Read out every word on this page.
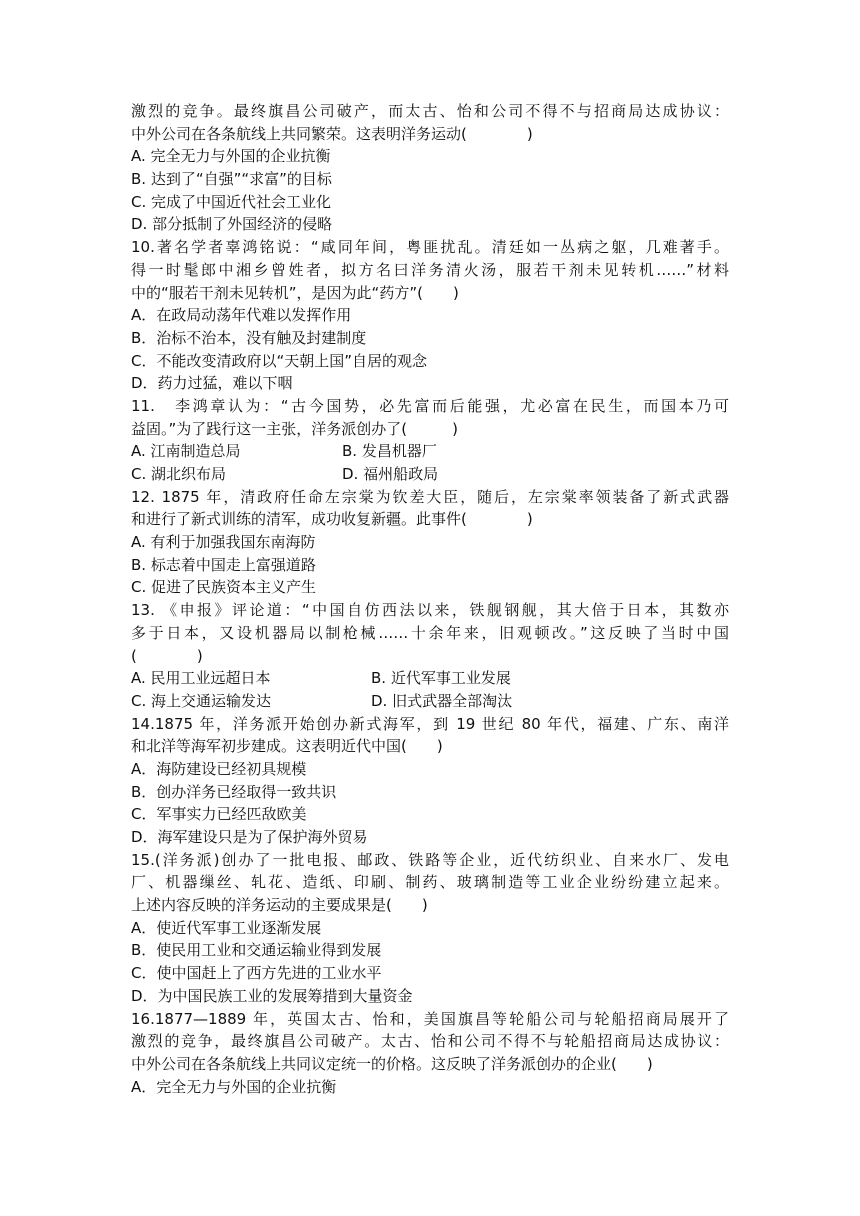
激烈的竞争。最终旗昌公司破产，而太古、怡和公司不得不与招商局达成协议：
中外公司在各条航线上共同繁荣。这表明洋务运动(　　　　)
A. 完全无力与外国的企业抗衡
B. 达到了“自强”“求富”的目标
C. 完成了中国近代社会工业化
D. 部分抵制了外国经济的侵略
10.著名学者辜鸿铭说：“咸同年间，粤匪扰乱。清廷如一丛病之躯，几难著手。
得一时髦郎中湘乡曾姓者，拟方名曰洋务清火汤，服若干剂未见转机……”材料
中的“服若干剂未见转机”，是因为此“药方”(　　)
A．在政局动荡年代难以发挥作用
B．治标不治本，没有触及封建制度
C．不能改变清政府以“天朝上国”自居的观念
D．药力过猛，难以下咽
11.　李鸿章认为：“古今国势，必先富而后能强，尤必富在民生，而国本乃可
益固。”为了践行这一主张，洋务派创办了(　　　)
A. 江南制造总局	B. 发昌机器厂
C. 湖北织布局	D. 福州船政局
12. 1875 年，清政府任命左宗棠为钦差大臣，随后，左宗棠率领装备了新式武器
和进行了新式训练的清军，成功收复新疆。此事件(　　　　)
A. 有利于加强我国东南海防
B. 标志着中国走上富强道路
C. 促进了民族资本主义产生
13. 《申报》评论道：“中国自仿西法以来，铁舰钢舰，其大倍于日本，其数亦
多于日本，又设机器局以制枪械……十余年来，旧观顿改。”这反映了当时中国
(　　　　)
A. 民用工业远超日本	B. 近代军事工业发展
C. 海上交通运输发达	D. 旧式武器全部淘汰
14.1875 年，洋务派开始创办新式海军，到 19 世纪 80 年代，福建、广东、南洋
和北洋等海军初步建成。这表明近代中国(　　)
A．海防建设已经初具规模
B．创办洋务已经取得一致共识
C．军事实力已经匹敌欧美
D．海军建设只是为了保护海外贸易
15.(洋务派)创办了一批电报、邮政、铁路等企业，近代纺织业、自来水厂、发电
厂、机器缫丝、轧花、造纸、印刷、制药、玻璃制造等工业企业纷纷建立起来。
上述内容反映的洋务运动的主要成果是(　　)
A．使近代军事工业逐渐发展
B．使民用工业和交通运输业得到发展
C．使中国赶上了西方先进的工业水平
D．为中国民族工业的发展筹措到大量资金
16.1877—1889 年，英国太古、怡和，美国旗昌等轮船公司与轮船招商局展开了
激烈的竞争，最终旗昌公司破产。太古、怡和公司不得不与轮船招商局达成协议：
中外公司在各条航线上共同议定统一的价格。这反映了洋务派创办的企业(　　)
A．完全无力与外国的企业抗衡
